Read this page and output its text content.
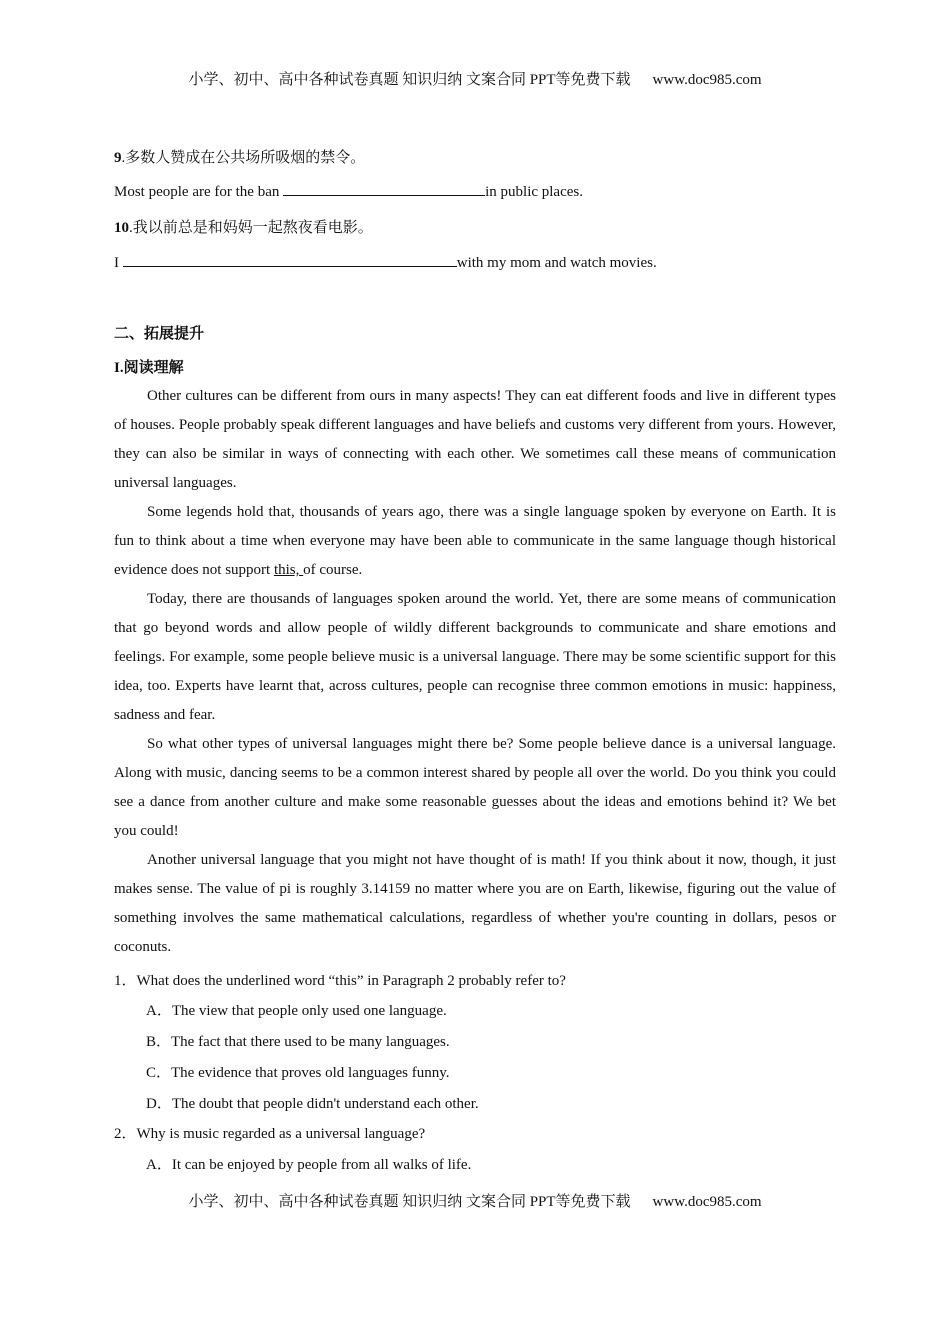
小学、初中、高中各种试卷真题 知识归纳 文案合同 PPT等免费下载 www.doc985.com
9.多数人赞成在公共场所吸烟的禁令。
Most people are for the ban	in public places.
10.我以前总是和妈妈一起熬夜看电影。
I	with my mom and watch movies.
二、拓展提升
I.阅读理解

Other cultures can be different from ours in many aspects! They can eat different foods and live in different types of houses. People probably speak different languages and have beliefs and customs very different from yours. However, they can also be similar in ways of connecting with each other. We sometimes call these means of communication universal languages.

Some legends hold that, thousands of years ago, there was a single language spoken by everyone on Earth. It is fun to think about a time when everyone may have been able to communicate in the same language though historical evidence does not support this, of course.

Today, there are thousands of languages spoken around the world. Yet, there are some means of communication that go beyond words and allow people of wildly different backgrounds to communicate and share emotions and feelings. For example, some people believe music is a universal language. There may be some scientific support for this idea, too. Experts have learnt that, across cultures, people can recognise three common emotions in music: happiness, sadness and fear.

So what other types of universal languages might there be? Some people believe dance is a universal language. Along with music, dancing seems to be a common interest shared by people all over the world. Do you think you could see a dance from another culture and make some reasonable guesses about the ideas and emotions behind it? We bet you could!

Another universal language that you might not have thought of is math! If you think about it now, though, it just makes sense. The value of pi is roughly 3.14159 no matter where you are on Earth, likewise, figuring out the value of something involves the same mathematical calculations, regardless of whether you're counting in dollars, pesos or coconuts.

1．What does the underlined word “this” in Paragraph 2 probably refer to?
A．The view that people only used one language.
B．The fact that there used to be many languages.
C．The evidence that proves old languages funny.
D．The doubt that people didn't understand each other.
2．Why is music regarded as a universal language?
A．It can be enjoyed by people from all walks of life.
小学、初中、高中各种试卷真题 知识归纳 文案合同 PPT等免费下载 www.doc985.com
